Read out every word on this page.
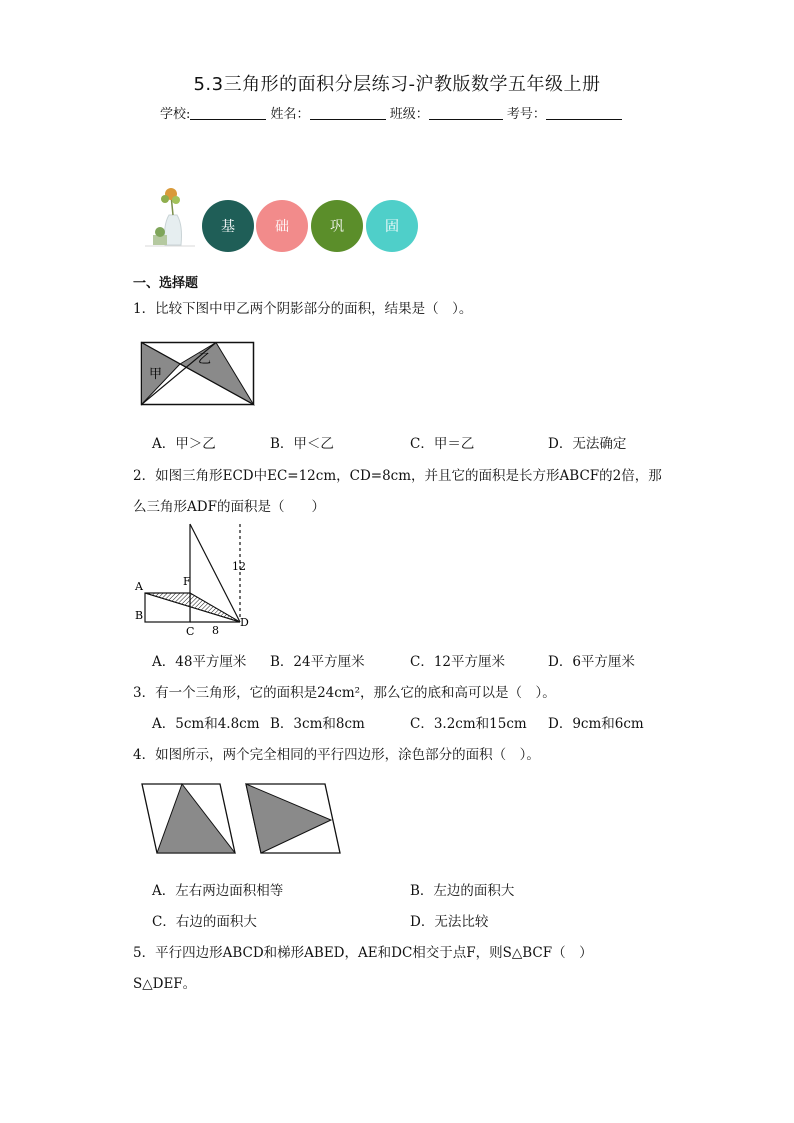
5.3三角形的面积分层练习-沪教版数学五年级上册
学校:	姓名：	班级：	考号：
基	础	巩	固
一、选择题
1．比较下图中甲乙两个阴影部分的面积，结果是（　）。
甲
乙
A．甲＞乙	B．甲＜乙	C．甲＝乙	D．无法确定
2．如图三角形ECD中EC=12cm，CD=8cm，并且它的面积是长方形ABCF的2倍，那
么三角形ADF的面积是（　　）
A
B
F
C 8
D
12
A．48平方厘米 B．24平方厘米	C．12平方厘米	D．6平方厘米
3．有一个三角形，它的面积是24cm²，那么它的底和高可以是（　）。
A．5cm和4.8cm B．3cm和8cm	C．3.2cm和15cm D．9cm和6cm
4．如图所示，两个完全相同的平行四边形，涂色部分的面积（　）。
A．左右两边面积相等	B．左边的面积大
C．右边的面积大	D．无法比较
5．平行四边形ABCD和梯形ABED，AE和DC相交于点F，则S△BCF（　）
S△DEF。
